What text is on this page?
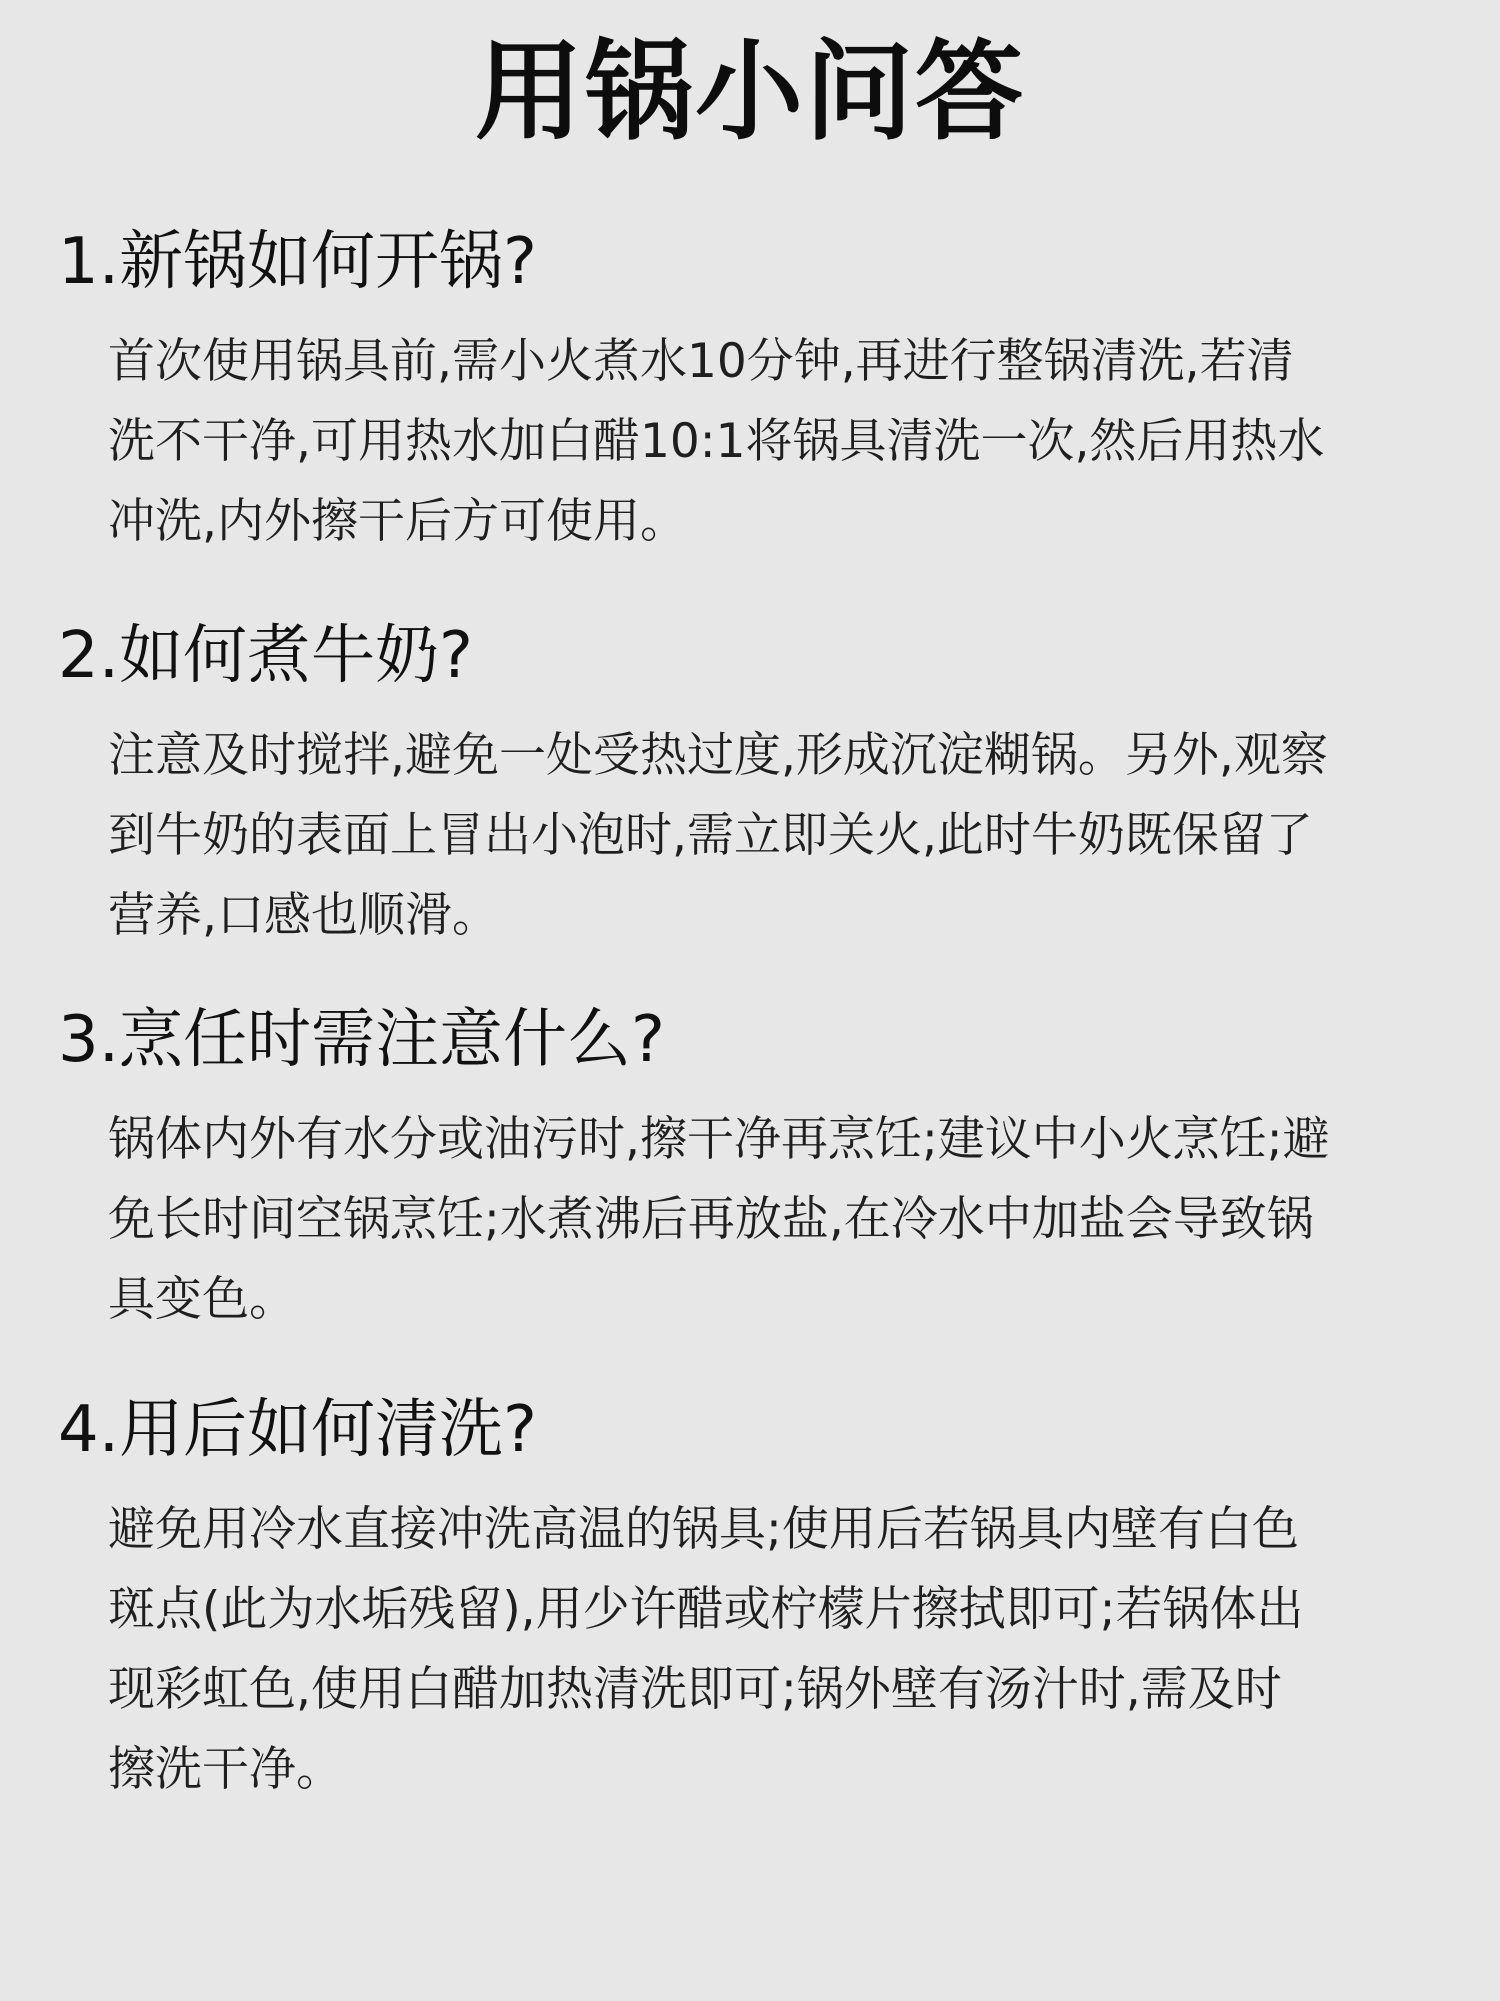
用锅小问答
1.新锅如何开锅?
首次使用锅具前,需小火煮水10分钟,再进行整锅清洗,若清
洗不干净,可用热水加白醋10:1将锅具清洗一次,然后用热水
冲洗,内外擦干后方可使用。
2.如何煮牛奶?
注意及时搅拌,避免一处受热过度,形成沉淀糊锅。另外,观察
到牛奶的表面上冒出小泡时,需立即关火,此时牛奶既保留了
营养,口感也顺滑。
3.烹任时需注意什么?
锅体内外有水分或油污时,擦干净再烹饪;建议中小火烹饪;避
免长时间空锅烹饪;水煮沸后再放盐,在冷水中加盐会导致锅
具变色。
4.用后如何清洗?
避免用冷水直接冲洗高温的锅具;使用后若锅具内壁有白色
斑点(此为水垢残留),用少许醋或柠檬片擦拭即可;若锅体出
现彩虹色,使用白醋加热清洗即可;锅外壁有汤汁时,需及时
擦洗干净。
